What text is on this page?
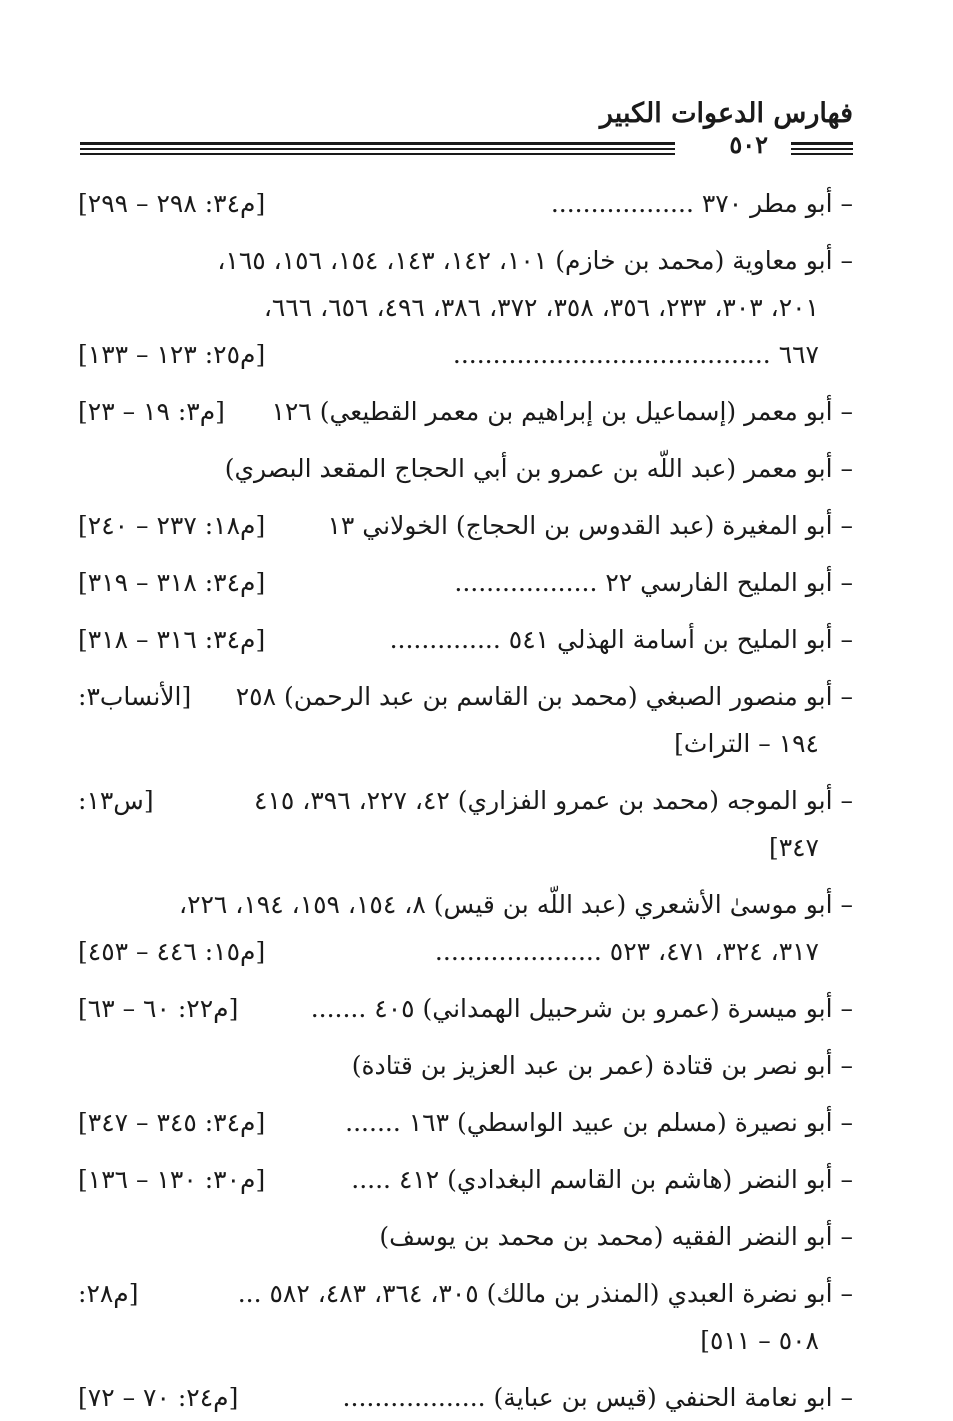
فهارس الدعوات الكبير
٥٠٢
– أبو مطر ٣٧٠ ..................
[م٣٤: ٢٩٨ – ٢٩٩]
– أبو معاوية (محمد بن خازم) ١٠١، ١٤٢، ١٤٣، ١٥٤، ١٥٦، ١٦٥،
٢٠١، ٣٠٣، ٢٣٣، ٣٥٦، ٣٥٨، ٣٧٢، ٣٨٦، ٤٩٦، ٦٥٦، ٦٦٦،
٦٦٧ ........................................
[م٢٥: ١٢٣ – ١٣٣]
– أبو معمر (إسماعيل بن إبراهيم بن معمر القطيعي) ١٢٦
[م٣: ١٩ – ٢٣]
– أبو معمر (عبد اللّه بن عمرو بن أبي الحجاج المقعد البصري)
– أبو المغيرة (عبد القدوس بن الحجاج) الخولاني ١٣
[م١٨: ٢٣٧ – ٢٤٠]
– أبو المليح الفارسي ٢٢ ..................
[م٣٤: ٣١٨ – ٣١٩]
– أبو المليح بن أسامة الهذلي ٥٤١ ..............
[م٣٤: ٣١٦ – ٣١٨]
– أبو منصور الصبغي (محمد بن القاسم بن عبد الرحمن) ٢٥٨
[الأنساب٣:
١٩٤ – التراث]
– أبو الموجه (محمد بن عمرو الفزاري) ٤٢، ٢٢٧، ٣٩٦، ٤١٥
[س١٣:
٣٤٧]
– أبو موسىٰ الأشعري (عبد اللّه بن قيس) ٨، ١٥٤، ١٥٩، ١٩٤، ٢٢٦،
٣١٧، ٣٢٤، ٤٧١، ٥٢٣ .....................
[م١٥: ٤٤٦ – ٤٥٣]
– أبو ميسرة (عمرو بن شرحبيل الهمداني) ٤٠٥ .......
[م٢٢: ٦٠ – ٦٣]
– أبو نصر بن قتادة (عمر بن عبد العزيز بن قتادة)
– أبو نصيرة (مسلم بن عبيد الواسطي) ١٦٣ .......
[م٣٤: ٣٤٥ – ٣٤٧]
– أبو النضر (هاشم بن القاسم البغدادي) ٤١٢ .....
[م٣٠: ١٣٠ – ١٣٦]
– أبو النضر الفقيه (محمد بن محمد بن يوسف)
– أبو نضرة العبدي (المنذر بن مالك) ٣٠٥، ٣٦٤، ٤٨٣، ٥٨٢ ...
[م٢٨:
٥٠٨ – ٥١١]
– ابو نعامة الحنفي (قيس بن عباية) ..................
[م٢٤: ٧٠ – ٧٢]
